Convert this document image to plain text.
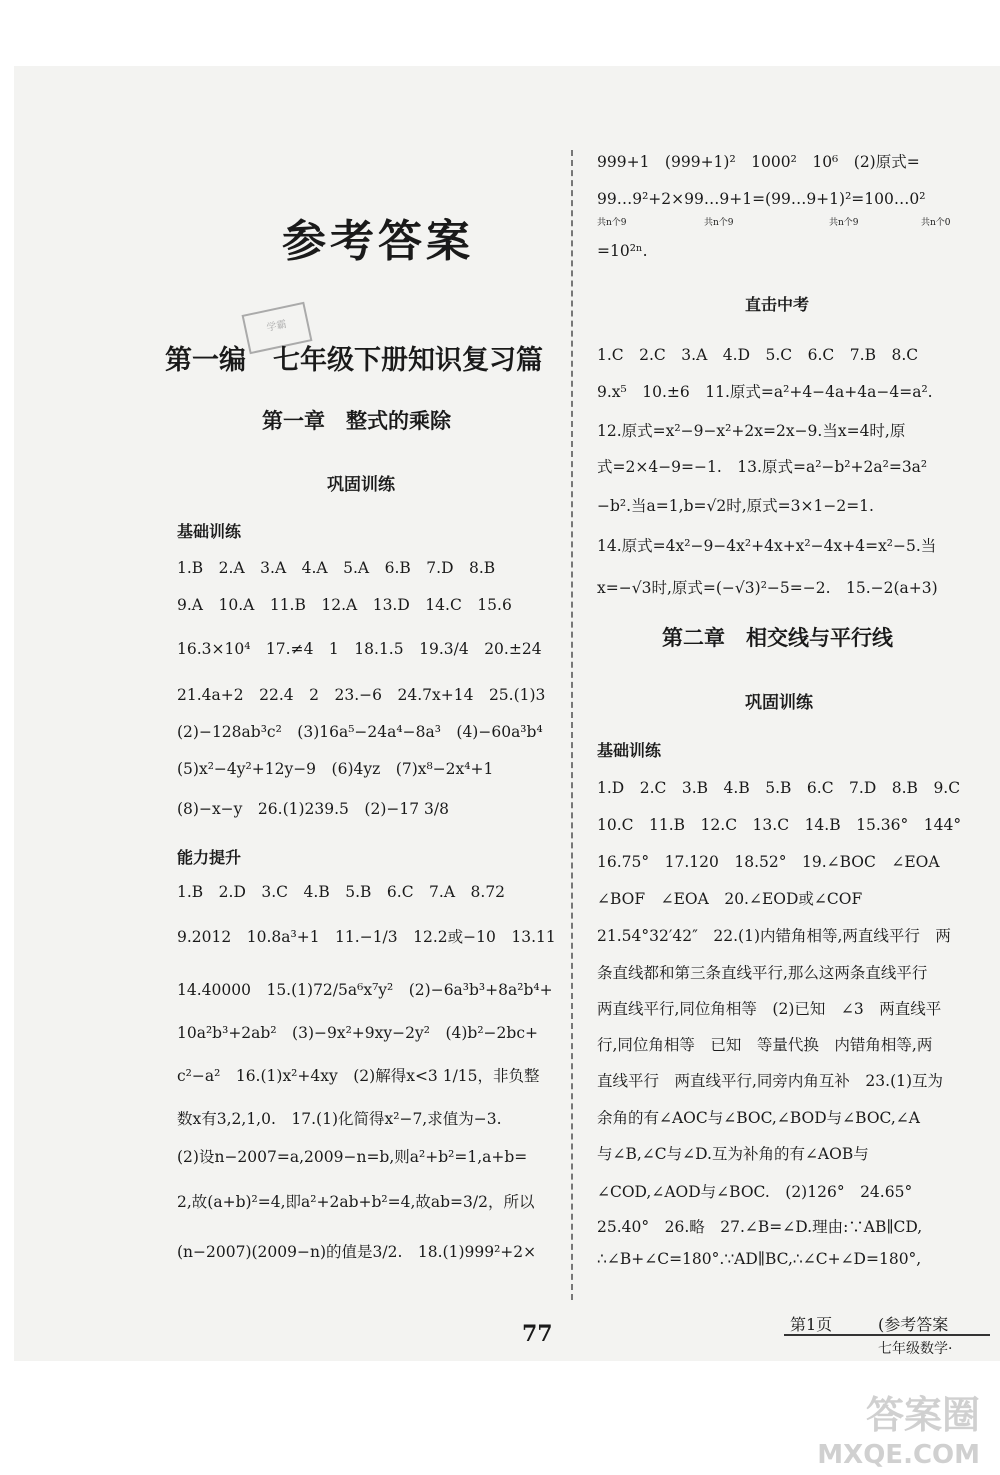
参考答案
学霸
第一编　七年级下册知识复习篇
第一章　整式的乘除
巩固训练
基础训练
1.B　2.A　3.A　4.A　5.A　6.B　7.D　8.B
9.A　10.A　11.B　12.A　13.D　14.C　15.6
16.3×10⁴　17.≠4　1　18.1.5　19.3/4　20.±24
21.4a+2　22.4　2　23.−6　24.7x+14　25.(1)3
(2)−128ab³c²　(3)16a⁵−24a⁴−8a³　(4)−60a³b⁴
(5)x²−4y²+12y−9　(6)4yz　(7)x⁸−2x⁴+1
(8)−x−y　26.(1)239.5　(2)−17 3/8
能力提升
1.B　2.D　3.C　4.B　5.B　6.C　7.A　8.72
9.2012　10.8a³+1　11.−1/3　12.2或−10　13.11
14.40000　15.(1)72/5a⁶x⁷y²　(2)−6a³b³+8a²b⁴+
10a²b³+2ab²　(3)−9x²+9xy−2y²　(4)b²−2bc+
c²−a²　16.(1)x²+4xy　(2)解得x<3 1/15，非负整
数x有3,2,1,0.　17.(1)化简得x²−7,求值为−3.
(2)设n−2007=a,2009−n=b,则a²+b²=1,a+b=
2,故(a+b)²=4,即a²+2ab+b²=4,故ab=3/2，所以
(n−2007)(2009−n)的值是3/2.　18.(1)999²+2×
999+1　(999+1)²　1000²　10⁶　(2)原式=
99…9²+2×99…9+1=(99…9+1)²=100…0²
共n个9	共n个9	共n个9	共n个0
=10²ⁿ.
直击中考
1.C　2.C　3.A　4.D　5.C　6.C　7.B　8.C
9.x⁵　10.±6　11.原式=a²+4−4a+4a−4=a².
12.原式=x²−9−x²+2x=2x−9.当x=4时,原
式=2×4−9=−1.　13.原式=a²−b²+2a²=3a²
−b².当a=1,b=√2时,原式=3×1−2=1.
14.原式=4x²−9−4x²+4x+x²−4x+4=x²−5.当
x=−√3时,原式=(−√3)²−5=−2.　15.−2(a+3)
第二章　相交线与平行线
巩固训练
基础训练
1.D　2.C　3.B　4.B　5.B　6.C　7.D　8.B　9.C
10.C　11.B　12.C　13.C　14.B　15.36°　144°
16.75°　17.120　18.52°　19.∠BOC　∠EOA
∠BOF　∠EOA　20.∠EOD或∠COF
21.54°32′42″　22.(1)内错角相等,两直线平行　两
条直线都和第三条直线平行,那么这两条直线平行
两直线平行,同位角相等　(2)已知　∠3　两直线平
行,同位角相等　已知　等量代换　内错角相等,两
直线平行　两直线平行,同旁内角互补　23.(1)互为
余角的有∠AOC与∠BOC,∠BOD与∠BOC,∠A
与∠B,∠C与∠D.互为补角的有∠AOB与
∠COD,∠AOD与∠BOC.　(2)126°　24.65°
25.40°　26.略　27.∠B=∠D.理由:∵AB∥CD,
∴∠B+∠C=180°.∵AD∥BC,∴∠C+∠D=180°,
77	第1页	(参考答案
七年级数学·
答案圈
MXQE.COM
